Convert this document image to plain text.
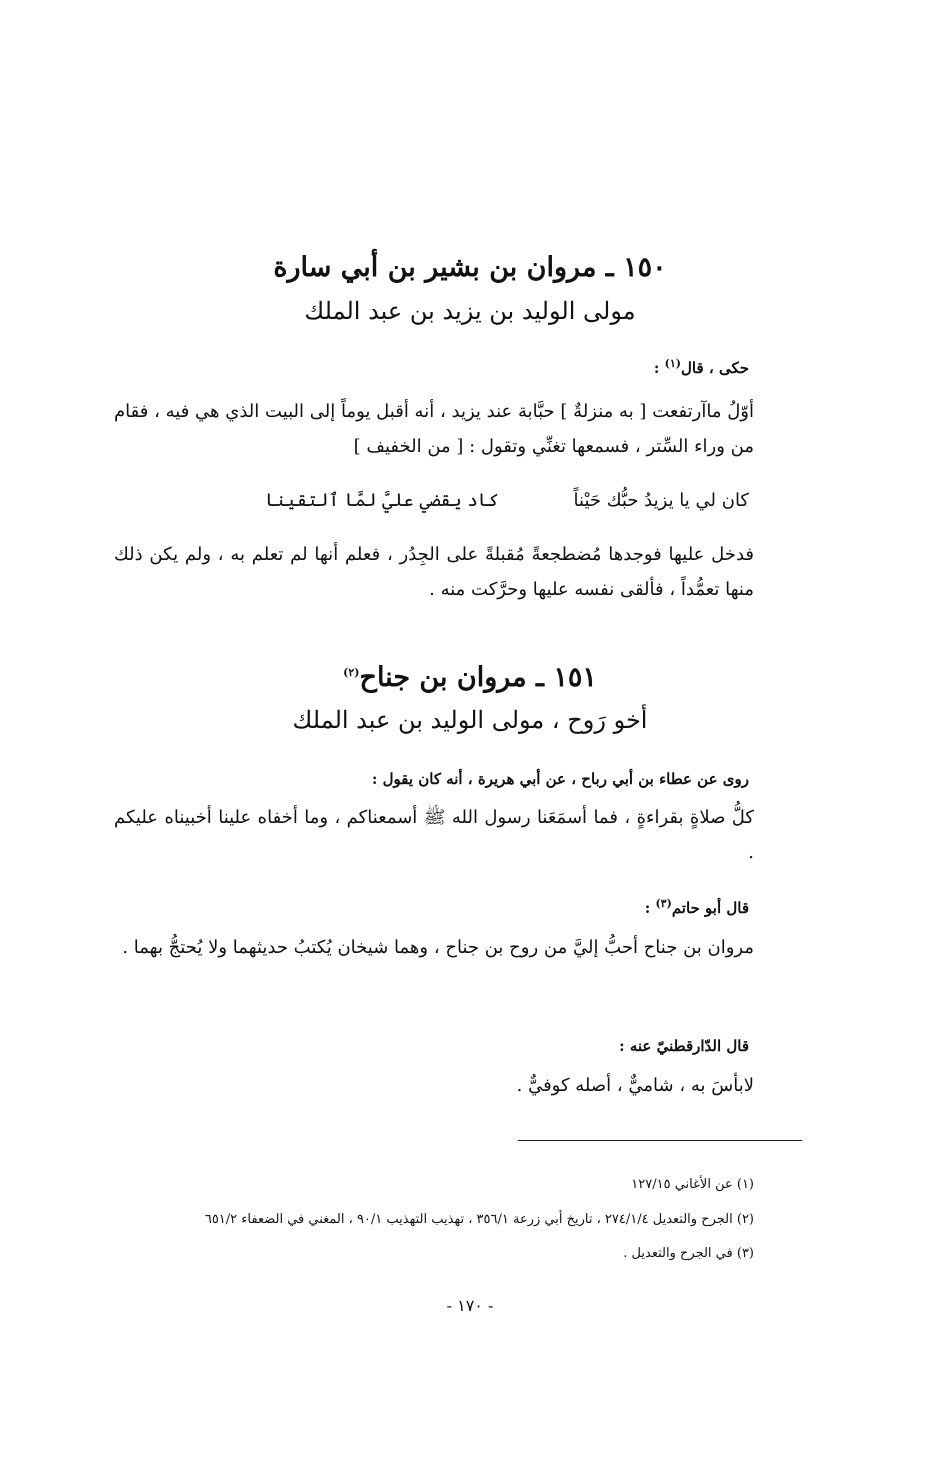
١٥٠ ـ مروان بن بشير بن أبي سارة
مولى الوليد بن يزيد بن عبد الملك
حكى ، قال$^{(١)}$ :
أوّلُ ماآرتفعت [ به منزلةٌ ] حبَّابة عند يزيد ، أنه أقبل يوماً إلى البيت الذي هي فيه ، فقام من وراء السِّتر ، فسمعها تغنِّي وتقول : [ من الخفيف ]
كان لي يا يزيدُ حبُّك حَيْناً
كاد يقضي عليَّ لمَّا ٱلتقينا
فدخل عليها فوجدها مُضطجعةً مُقبلةً على الجِدُر ، فعلم أنها لم تعلم به ، ولم يكن ذلك منها تعمُّداً ، فألقى نفسه عليها وحرَّكت منه .
١٥١ ـ مروان بن جناح$^{(٢)}$
أخو رَوح ، مولى الوليد بن عبد الملك
روى عن عطاء بن أبي رباح ، عن أبي هريرة ، أنه كان يقول :
كلُّ صلاةٍ بقراءةٍ ، فما أسمَعَنا رسول الله ﷺ أسمعناكم ، وما أخفاه علينا أخبيناه عليكم .
قال أبو حاتم$^{(٣)}$ :
مروان بن جناح أحبُّ إليَّ من روح بن جناح ، وهما شيخان يُكتبُ حديثهما ولا يُحتجُّ بهما .
قال الدّارقطنيّ عنه :
لابأسَ به ، شاميٌّ ، أصله كوفيٌّ .
(١) عن الأغاني ١٢٧/١٥
(٢) الجرح والتعديل ٢٧٤/١/٤ ، تاريخ أبي زرعة ٣٥٦/١ ، تهذيب التهذيب ٩٠/١ ، المغني في الضعفاء ٦٥١/٢
(٣) في الجرح والتعديل .
- ١٧٠ -
